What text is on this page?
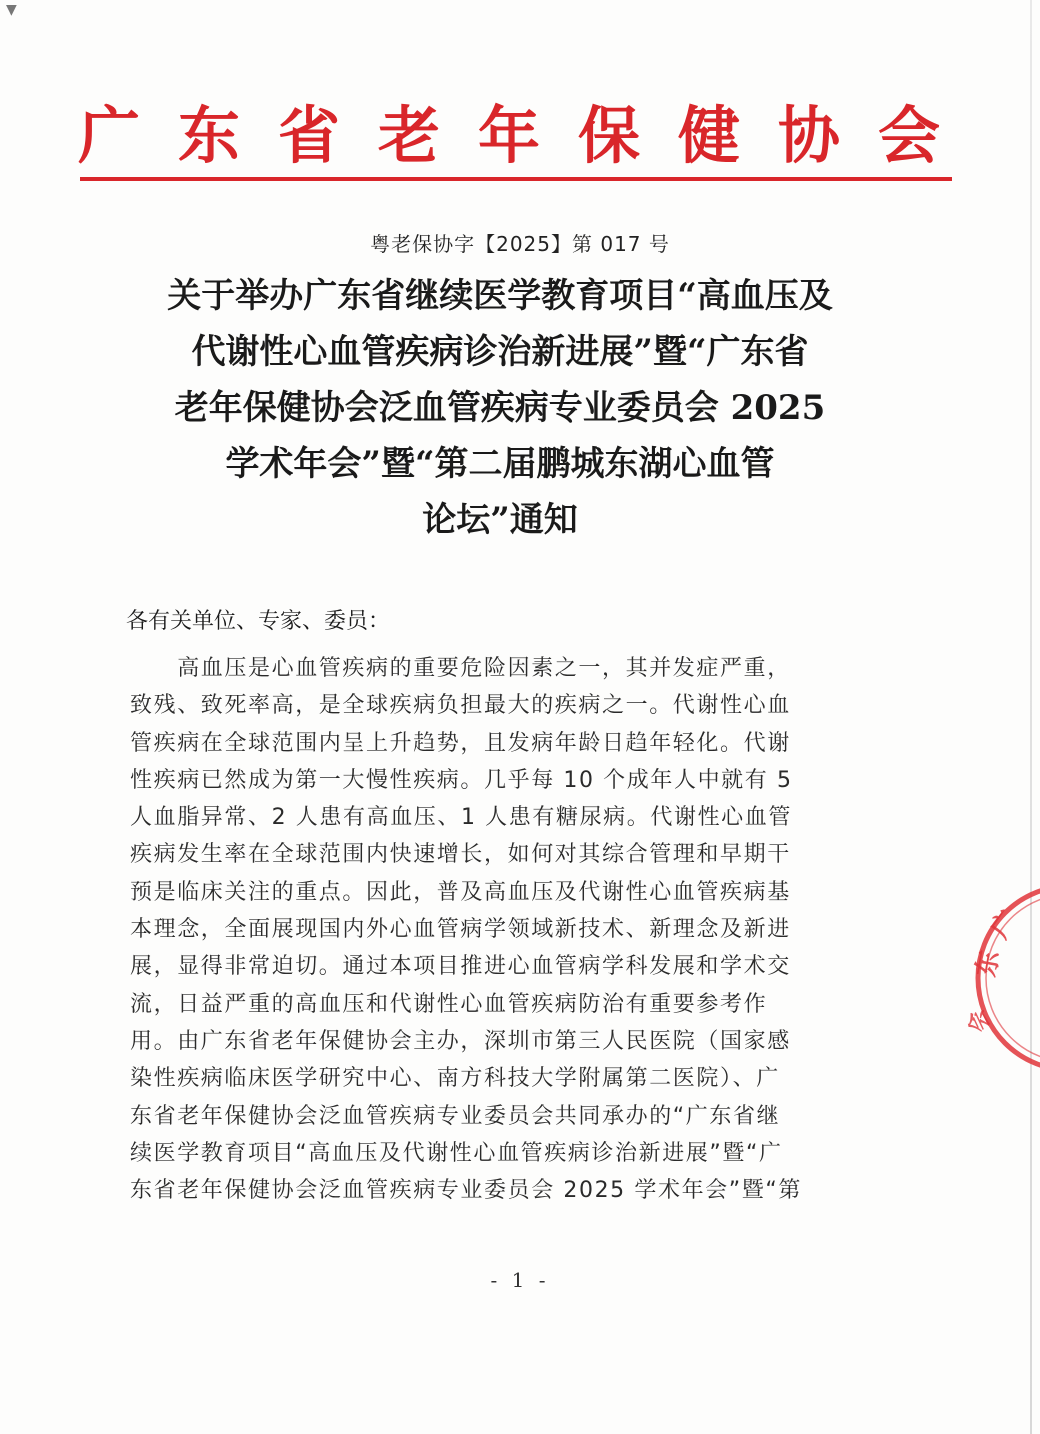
▼
广东省老年保健协会
粤老保协字【2025】第 017 号
关于举办广东省继续医学教育项目“高血压及
代谢性心血管疾病诊治新进展”暨“广东省
老年保健协会泛血管疾病专业委员会 2025
学术年会”暨“第二届鹏城东湖心血管
论坛”通知
各有关单位、专家、委员：
　　高血压是心血管疾病的重要危险因素之一，其并发症严重，
致残、致死率高，是全球疾病负担最大的疾病之一。代谢性心血
管疾病在全球范围内呈上升趋势，且发病年龄日趋年轻化。代谢
性疾病已然成为第一大慢性疾病。几乎每 10 个成年人中就有 5
人血脂异常、2 人患有高血压、1 人患有糖尿病。代谢性心血管
疾病发生率在全球范围内快速增长，如何对其综合管理和早期干
预是临床关注的重点。因此，普及高血压及代谢性心血管疾病基
本理念，全面展现国内外心血管病学领域新技术、新理念及新进
展，显得非常迫切。通过本项目推进心血管病学科发展和学术交
流，日益严重的高血压和代谢性心血管疾病防治有重要参考作
用。由广东省老年保健协会主办，深圳市第三人民医院（国家感
染性疾病临床医学研究中心、南方科技大学附属第二医院）、广
东省老年保健协会泛血管疾病专业委员会共同承办的“广东省继
续医学教育项目“高血压及代谢性心血管疾病诊治新进展”暨“广
东省老年保健协会泛血管疾病专业委员会 2025 学术年会”暨“第
广
东
会
- 1 -
